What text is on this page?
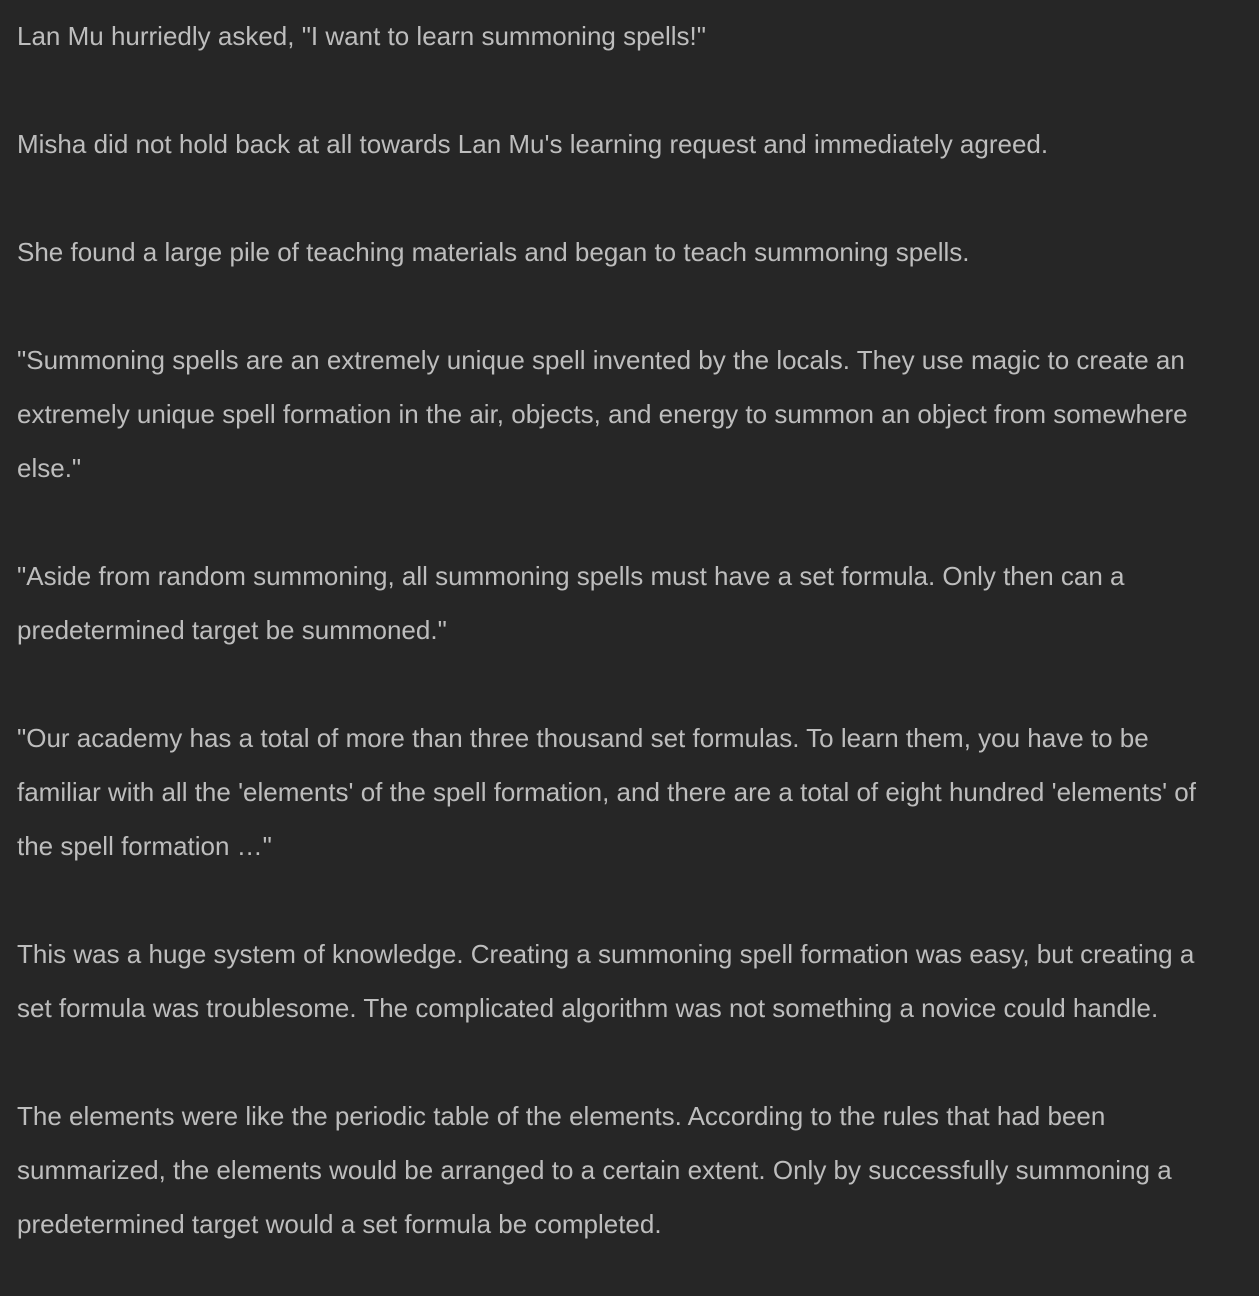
Lan Mu hurriedly asked, "I want to learn summoning spells!"

Misha did not hold back at all towards Lan Mu's learning request and immediately agreed.

She found a large pile of teaching materials and began to teach summoning spells.

"Summoning spells are an extremely unique spell invented by the locals. They use magic to create an extremely unique spell formation in the air, objects, and energy to summon an object from somewhere else."

"Aside from random summoning, all summoning spells must have a set formula. Only then can a predetermined target be summoned."

"Our academy has a total of more than three thousand set formulas. To learn them, you have to be familiar with all the 'elements' of the spell formation, and there are a total of eight hundred 'elements' of the spell formation …"

This was a huge system of knowledge. Creating a summoning spell formation was easy, but creating a set formula was troublesome. The complicated algorithm was not something a novice could handle.

The elements were like the periodic table of the elements. According to the rules that had been summarized, the elements would be arranged to a certain extent. Only by successfully summoning a predetermined target would a set formula be completed.
